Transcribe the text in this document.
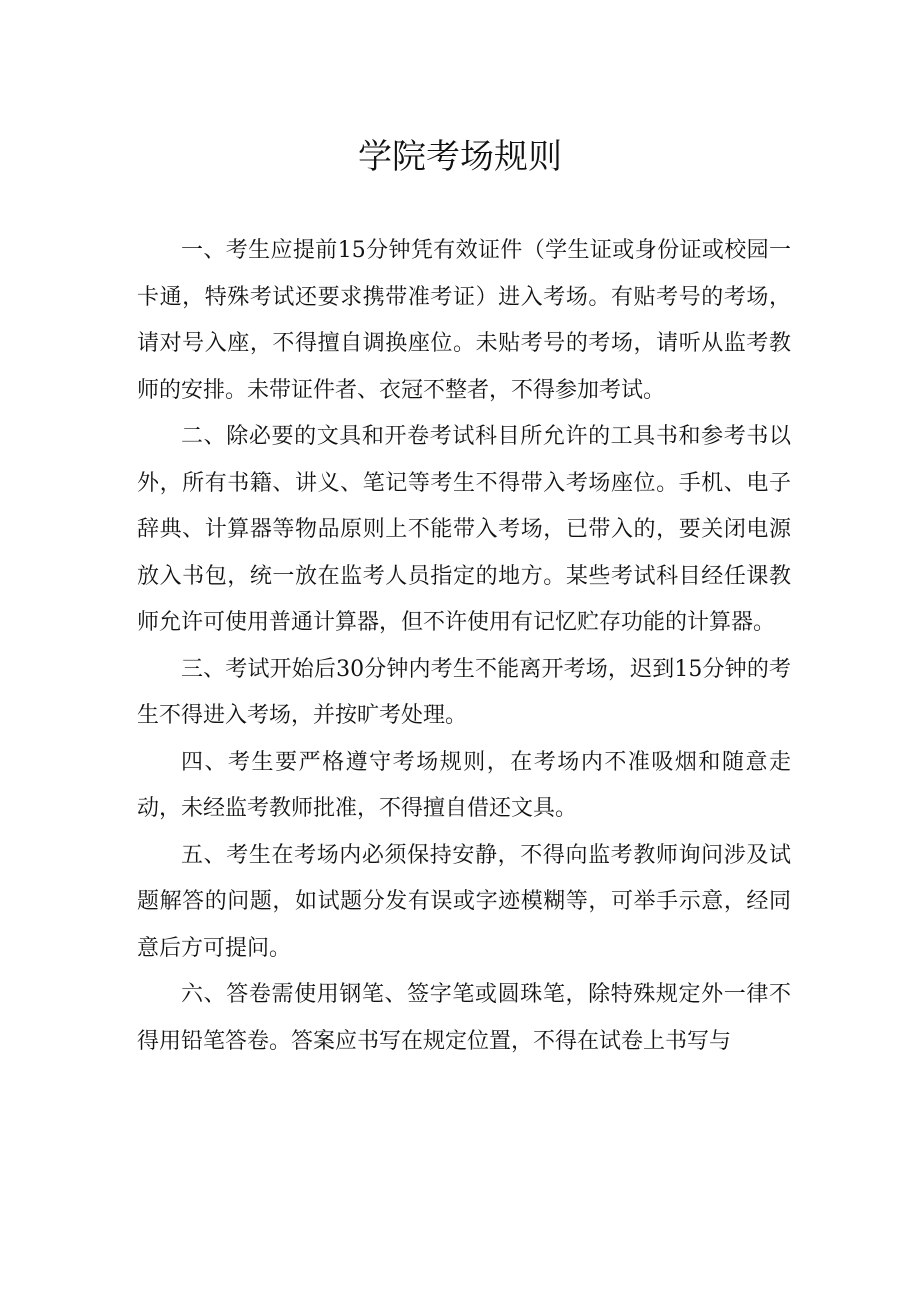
学院考场规则

一、考生应提前15分钟凭有效证件（学生证或身份证或校园一卡通，特殊考试还要求携带准考证）进入考场。有贴考号的考场，请对号入座，不得擅自调换座位。未贴考号的考场，请听从监考教师的安排。未带证件者、衣冠不整者，不得参加考试。

二、除必要的文具和开卷考试科目所允许的工具书和参考书以外，所有书籍、讲义、笔记等考生不得带入考场座位。手机、电子辞典、计算器等物品原则上不能带入考场，已带入的，要关闭电源放入书包，统一放在监考人员指定的地方。某些考试科目经任课教师允许可使用普通计算器，但不许使用有记忆贮存功能的计算器。

三、考试开始后30分钟内考生不能离开考场，迟到15分钟的考生不得进入考场，并按旷考处理。

四、考生要严格遵守考场规则，在考场内不准吸烟和随意走动，未经监考教师批准，不得擅自借还文具。

五、考生在考场内必须保持安静，不得向监考教师询问涉及试题解答的问题，如试题分发有误或字迹模糊等，可举手示意，经同意后方可提问。

六、答卷需使用钢笔、签字笔或圆珠笔，除特殊规定外一律不得用铅笔答卷。答案应书写在规定位置，不得在试卷上书写与
